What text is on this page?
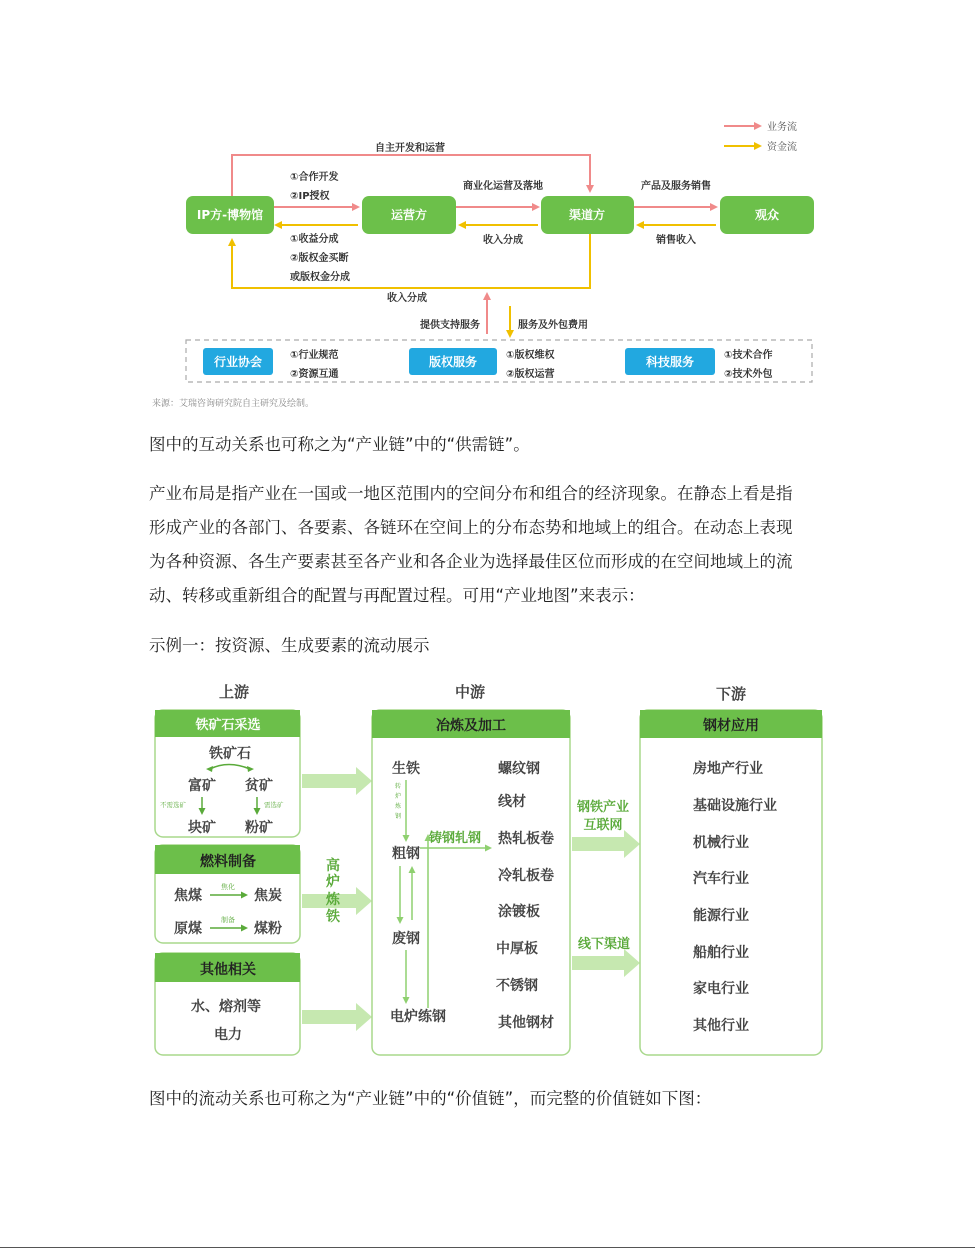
业务流
资金流
自主开发和运营
①合作开发
②IP授权
①收益分成
②版权金买断
或版权金分成
商业化运营及落地
收入分成
产品及服务销售
销售收入
收入分成
提供支持服务	服务及外包费用
IP方-博物馆	运营方	渠道方	观众
行业协会	①行业规范
②资源互通
版权服务	①版权维权
②版权运营
科技服务	①技术合作
②技术外包
来源：艾瑞咨询研究院自主研究及绘制。

图中的互动关系也可称之为“产业链”中的“供需链”。

产业布局是指产业在一国或一地区范围内的空间分布和组合的经济现象。在静态上看是指
形成产业的各部门、各要素、各链环在空间上的分布态势和地域上的组合。在动态上表现
为各种资源、各生产要素甚至各产业和各企业为选择最佳区位而形成的在空间地域上的流
动、转移或重新组合的配置与再配置过程。可用“产业地图”来表示：

示例一：按资源、生成要素的流动展示

上游	中游	下游
铁矿石采选
铁矿石
富矿 贫矿
不需选矿	需选矿
块矿 粉矿
燃料制备
焦煤
焦化
焦炭
原煤
制备
煤粉
其他相关
水、熔剂等
电力
高
炉
炼
铁
冶炼及加工
生铁
转
炉
炼
钢
粗钢
废钢
电炉练钢
铸钢轧钢
螺纹钢
线材
热轧板卷
冷轧板卷
涂镀板
中厚板
不锈钢
其他钢材
钢铁产业
互联网
线下渠道
钢材应用
房地产行业
基础设施行业
机械行业
汽车行业
能源行业
船舶行业
家电行业
其他行业

图中的流动关系也可称之为“产业链”中的“价值链”，而完整的价值链如下图：
